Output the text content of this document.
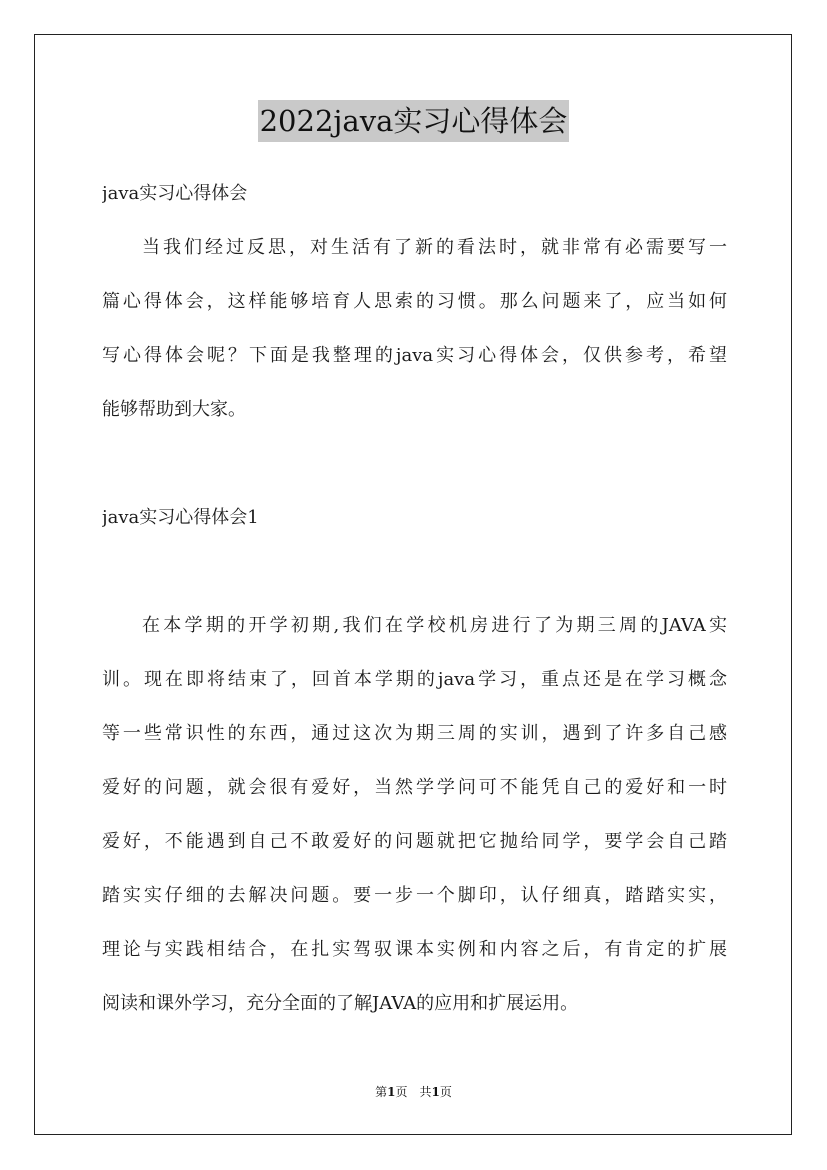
2022java实习心得体会
java实习心得体会
当我们经过反思，对生活有了新的看法时，就非常有必需要写一
篇心得体会，这样能够培育人思索的习惯。那么问题来了，应当如何
写心得体会呢？下面是我整理的java实习心得体会，仅供参考，希望
能够帮助到大家。
java实习心得体会1
在本学期的开学初期,我们在学校机房进行了为期三周的JAVA实
训。现在即将结束了，回首本学期的java学习，重点还是在学习概念
等一些常识性的东西，通过这次为期三周的实训，遇到了许多自己感
爱好的问题，就会很有爱好，当然学学问可不能凭自己的爱好和一时
爱好，不能遇到自己不敢爱好的问题就把它抛给同学，要学会自己踏
踏实实仔细的去解决问题。要一步一个脚印，认仔细真，踏踏实实，
理论与实践相结合，在扎实驾驭课本实例和内容之后，有肯定的扩展
阅读和课外学习，充分全面的了解JAVA的应用和扩展运用。
第1页　共1页
